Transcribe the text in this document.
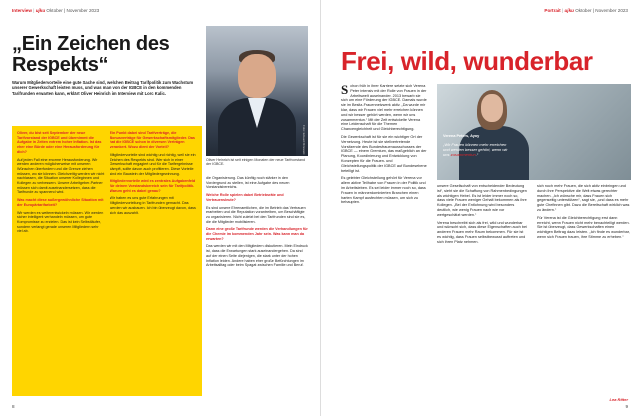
Interview | ujku Oktober | November 2023
„Ein Zeichen des Respekts“
Warum Mitgliedervorteile eine gute Sache sind, welchen Beitrag Tarifpolitik zum Wachstum unserer Gewerkschaft leisten muss, und was man von der IGBCE in den kommenden Tarifrunden erwarten kann, erklärt Oliver Heinrich im Interview mit Lorc Kalic.
Foto: Eduard Rzewski
Oliver Heinrich ist seit einigen Monaten der neue Tarifvorstand der IGBCE.

Oliver, du bist seit September der neue Tarifvorstand der IGBCE und übernimmt die Aufgabe in Zeiten extrem hoher Inflation. Ist das eher eine Bürde oder eine Herausforderung für dich?

Auf jeden Fall eine enorme Herausforderung. Wir werden anderen möglicherweise mit unseren Wünschen überfordern und die Grenze ziehen müssen, wo sie können. Gleichzeitig werden wir nicht nachlassen, die Situation unserer Kolleginnen und Kollegen zu verbessern. Unsere Arbeitgeber-Partner müssen sich damit auseinandersetzen, dass die Tarifrunde zu spannend wird.

Was macht diese außergewöhnliche Situation mit der Europärtarifarbeit?

Wir werden es weiterentwickeln müssen. Wir werden sicher intelligent verhandeln müssen, um gute Kompromisse zu erzielen. Das ist kein Selbstläufer, sondern verlangt gerade unseren Mitgliedern sehr viel ab.

Ein Punkt dabei sind Tarifverträge, die Bonusverträge für Gewerkschaftsmitglieder. Das hat die IGBCE schon in diversen Verträgen verankert. Wozu dient der Vorteil?

Mitgliedervorteile sind wichtig und richtig, weil sie ein Zeichen des Respekts sind. Wer sich in einer Gewerkschaft engagiert und für die Tarifergebnisse kämpft, sollte davon auch profitieren. Diese Vorteile sind ein Baustein der Mitgliedergewinnung.

Mitgliedervorteile wird es zentrales Aufgabenfeld für deinen Vorstandsbereich sein für Tarifpolitik. Warum geht es dabei genau?

Wir haben es uns gute Erfahrungen mit Mitgliedervorteilung in Tarifrunden gemacht. Das werden wir ausbauen. Ich bin überzeugt davon, dass sich das auszahlt.

die Organisierung. Das künftig noch stärker in den Vordergrund zu stellen, ist eine Aufgabe des neuen Vorstandsbereichs.

Welche Rolle spielen dabei Betriebsräte und Vertrauensleute?

Es sind unsere Ehrenamtlichen, die im Betrieb das Vertrauen erarbeiten und die Reputation vorantreiben, um Beschäftigte zu organisieren. Nicht zuletzt bei den Tarifrunden sind sie es, die die Mitglieder mobilisieren.

Dann eine große Tarifrunde werden die Verhandlungen für die Chemie im kommenden Jahr sein. Was kann man da erwarten?

Das werden wir mit den Mitgliedern diskutieren. Mein Eindruck ist, dass die Erwartungen stark auseinandergehen. Da sind auf der einen Seite diejenigen, die stark unter der hohen Inflation leiden. Andere haben eher große Befürchtungen im Arbeitsalltag oder beim Spagat zwischen Familie und Beruf.

8
Portrait | ujku Oktober | November 2023
Frei, wild, wunderbar

Schon früh in ihrer Karriere setzte sich Verena Peter intensiv mit der Rolle von Frauen in der Arbeitswelt auseinander. 2013 bewarb sie sich um eine Förderung der IGBCE. Damals wurde sie im Besitz-Frauennetzwerk aktiv. „Da wurde mir klar, dass wir Frauen viel mehr erreichen können und wir besser gehört werden, wenn wir uns zusammentun.“ Mit der Zeit entwickelte Verena eine Leidenschaft für die Themen Chancengleichheit und Gleichberechtigung.

Die Gewerkschaft ist für sie ein wichtiger Ort der Vernetzung. Heute ist sie stellvertretende Vorsitzende des Bundesfrauenausschusses der IGBCE — einem Gremium, das maßgeblich an der Planung, Koordinierung und Entwicklung von Konzepten für die Frauen- und Gleichstellungspolitik der IGBCE auf Bundesebene beteiligt ist.

Es gelebter Gleichstellung gehört für Verena vor allem aktive Teilhabe von Frauen in der Politik und im Arbeitsleben. Es sei leider immer noch so, dass Frauen in männerdominierten Branchen einen harten Kampf ausfechten müssen, um sich zu behaupten.

Verena Peters, Ayoy
„Wir Frauen können mehr erreichen und werden besser gehört, wenn wir uns zusammentun.“

unsere Gesellschaft von entscheidender Bedeutung ist“, sieht sie die Schaffung von Rahmenbedingungen als wichtigen Hebel. Es ist leider immer noch so, dass viele Frauen weniger Gehalt bekommen als ihre Kollegen. „Bei der Entlohnung wird besonders deutlich, wie wenig Frauen nach wie vor wertgeschätzt werden.“

Verena beschreibt sich als frei, wild und wunderbar und wünscht sich, dass diese Eigenschaften auch bei anderen Frauen mehr Raum bekommen. Für sie ist es wichtig, dass Frauen selbstbewusst auftreten und sich ihren Platz nehmen.

sich noch mehr Frauen, die sich aktiv einbringen und durch ihre Perspektive die Welt etwas gerechter machen. „Ich wünsche mir, dass Frauen sich gegenseitig unterstützen“, sagt sie, „und dass es mehr gute Chefinnen gibt. Dazu die Bereitschaft wirklich was zu ändern.“

Für Verena ist die Gleichberechtigung erst dann erreicht, wenn Frauen nicht mehr benachteiligt werden. Sie ist überzeugt, dass Gewerkschaften einen wichtigen Beitrag dazu leisten. „Ich finde es wunderbar, wenn sich Frauen trauen, ihre Stimme zu erheben.“

Lea Ritter
9
